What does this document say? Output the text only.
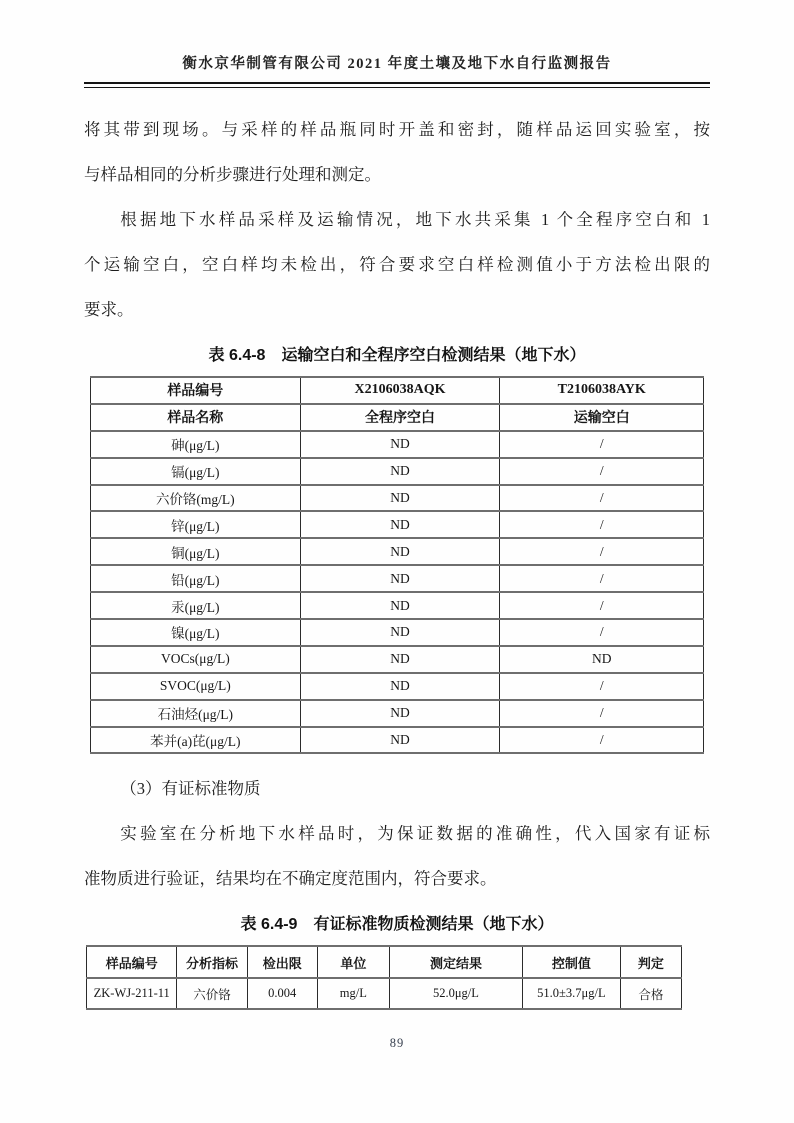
衡水京华制管有限公司 2021 年度土壤及地下水自行监测报告
将其带到现场。与采样的样品瓶同时开盖和密封，随样品运回实验室，按
与样品相同的分析步骤进行处理和测定。
根据地下水样品采样及运输情况，地下水共采集 1 个全程序空白和 1
个运输空白，空白样均未检出，符合要求空白样检测值小于方法检出限的
要求。
表 6.4-8　运输空白和全程序空白检测结果（地下水）
样品编号	X2106038AQK	T2106038AYK
样品名称	全程序空白	运输空白
砷(μg/L)	ND	/
镉(μg/L)	ND	/
六价铬(mg/L)	ND	/
锌(μg/L)	ND	/
铜(μg/L)	ND	/
铅(μg/L)	ND	/
汞(μg/L)	ND	/
镍(μg/L)	ND	/
VOCs(μg/L)	ND	ND
SVOC(μg/L)	ND	/
石油烃(μg/L)	ND	/
苯并(a)芘(μg/L)	ND	/
（3）有证标准物质
实验室在分析地下水样品时，为保证数据的准确性，代入国家有证标
准物质进行验证，结果均在不确定度范围内，符合要求。
表 6.4-9　有证标准物质检测结果（地下水）
样品编号	分析指标	检出限	单位	测定结果	控制值	判定
ZK-WJ-211-11	六价铬	0.004	mg/L	52.0μg/L	51.0±3.7μg/L	合格
89
